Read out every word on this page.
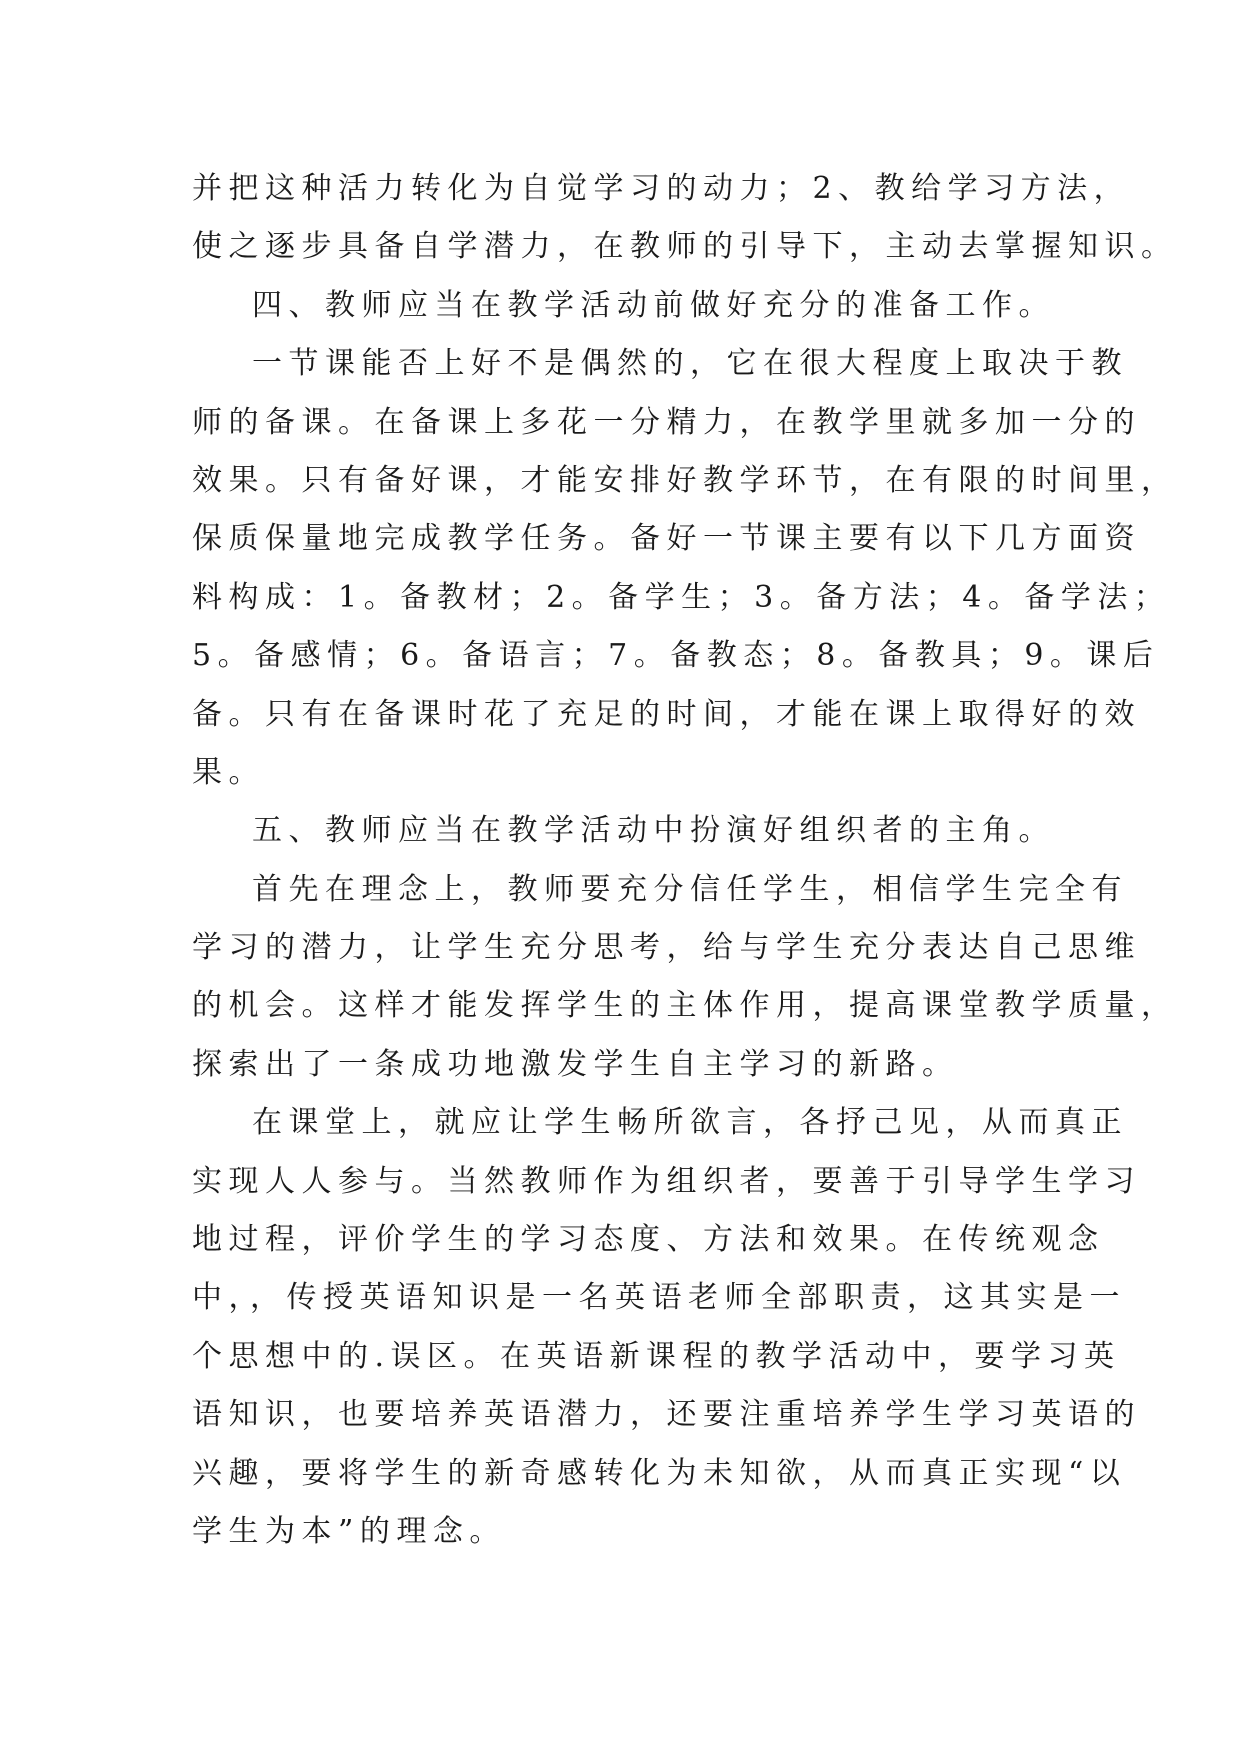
并把这种活力转化为自觉学习的动力；2、教给学习方法，
使之逐步具备自学潜力，在教师的引导下，主动去掌握知识。
四、教师应当在教学活动前做好充分的准备工作。
一节课能否上好不是偶然的，它在很大程度上取决于教
师的备课。在备课上多花一分精力，在教学里就多加一分的
效果。只有备好课，才能安排好教学环节，在有限的时间里，
保质保量地完成教学任务。备好一节课主要有以下几方面资
料构成：1。备教材；2。备学生；3。备方法；4。备学法；
5。备感情；6。备语言；7。备教态；8。备教具；9。课后
备。只有在备课时花了充足的时间，才能在课上取得好的效
果。
五、教师应当在教学活动中扮演好组织者的主角。
首先在理念上，教师要充分信任学生，相信学生完全有
学习的潜力，让学生充分思考，给与学生充分表达自己思维
的机会。这样才能发挥学生的主体作用，提高课堂教学质量，
探索出了一条成功地激发学生自主学习的新路。
在课堂上，就应让学生畅所欲言，各抒己见，从而真正
实现人人参与。当然教师作为组织者，要善于引导学生学习
地过程，评价学生的学习态度、方法和效果。在传统观念
中，，传授英语知识是一名英语老师全部职责，这其实是一
个思想中的.误区。在英语新课程的教学活动中，要学习英
语知识，也要培养英语潜力，还要注重培养学生学习英语的
兴趣，要将学生的新奇感转化为未知欲，从而真正实现“以
学生为本”的理念。
